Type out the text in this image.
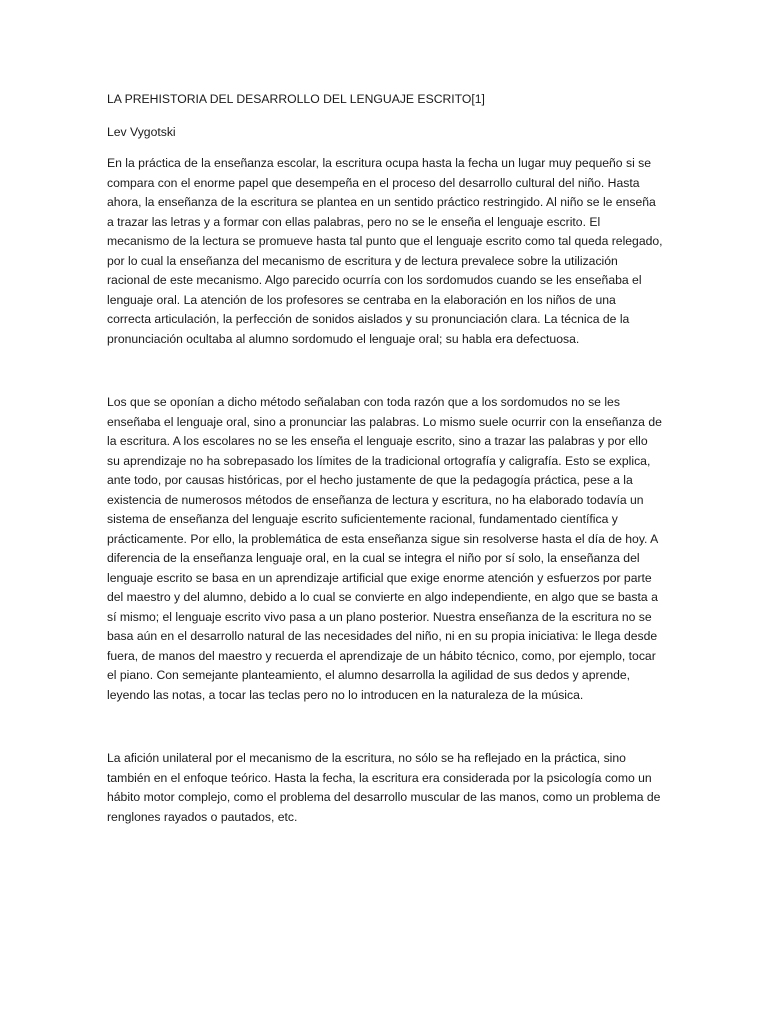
LA PREHISTORIA DEL DESARROLLO DEL LENGUAJE ESCRITO[1]

Lev Vygotski

En la práctica de la enseñanza escolar, la escritura ocupa hasta la fecha un lugar muy pequeño si se compara con el enorme papel que desempeña en el proceso del desarrollo cultural del niño. Hasta ahora, la enseñanza de la escritura se plantea en un sentido práctico restringido. Al niño se le enseña a trazar las letras y a formar con ellas palabras, pero no se le enseña el lenguaje escrito. El mecanismo de la lectura se promueve hasta tal punto que el lenguaje escrito como tal queda relegado, por lo cual la enseñanza del mecanismo de escritura y de lectura prevalece sobre la utilización racional de este mecanismo. Algo parecido ocurría con los sordomudos cuando se les enseñaba el lenguaje oral. La atención de los profesores se centraba en la elaboración en los niños de una correcta articulación, la perfección de sonidos aislados y su pronunciación clara. La técnica de la pronunciación ocultaba al alumno sordomudo el lenguaje oral; su habla era defectuosa.

Los que se oponían a dicho método señalaban con toda razón que a los sordomudos no se les enseñaba el lenguaje oral, sino a pronunciar las palabras. Lo mismo suele ocurrir con la enseñanza de la escritura. A los escolares no se les enseña el lenguaje escrito, sino a trazar las palabras y por ello su aprendizaje no ha sobrepasado los límites de la tradicional ortografía y caligrafía. Esto se explica, ante todo, por causas históricas, por el hecho justamente de que la pedagogía práctica, pese a la existencia de numerosos métodos de enseñanza de lectura y escritura, no ha elaborado todavía un sistema de enseñanza del lenguaje escrito suficientemente racional, fundamentado científica y prácticamente. Por ello, la problemática de esta enseñanza sigue sin resolverse hasta el día de hoy. A diferencia de la enseñanza lenguaje oral, en la cual se integra el niño por sí solo, la enseñanza del lenguaje escrito se basa en un aprendizaje artificial que exige enorme atención y esfuerzos por parte del maestro y del alumno, debido a lo cual se convierte en algo independiente, en algo que se basta a sí mismo; el lenguaje escrito vivo pasa a un plano posterior. Nuestra enseñanza de la escritura no se basa aún en el desarrollo natural de las necesidades del niño, ni en su propia iniciativa: le llega desde fuera, de manos del maestro y recuerda el aprendizaje de un hábito técnico, como, por ejemplo, tocar el piano. Con semejante planteamiento, el alumno desarrolla la agilidad de sus dedos y aprende, leyendo las notas, a tocar las teclas pero no lo introducen en la naturaleza de la música.

La afición unilateral por el mecanismo de la escritura, no sólo se ha reflejado en la práctica, sino también en el enfoque teórico. Hasta la fecha, la escritura era considerada por la psicología como un hábito motor complejo, como el problema del desarrollo muscular de las manos, como un problema de renglones rayados o pautados, etc.
